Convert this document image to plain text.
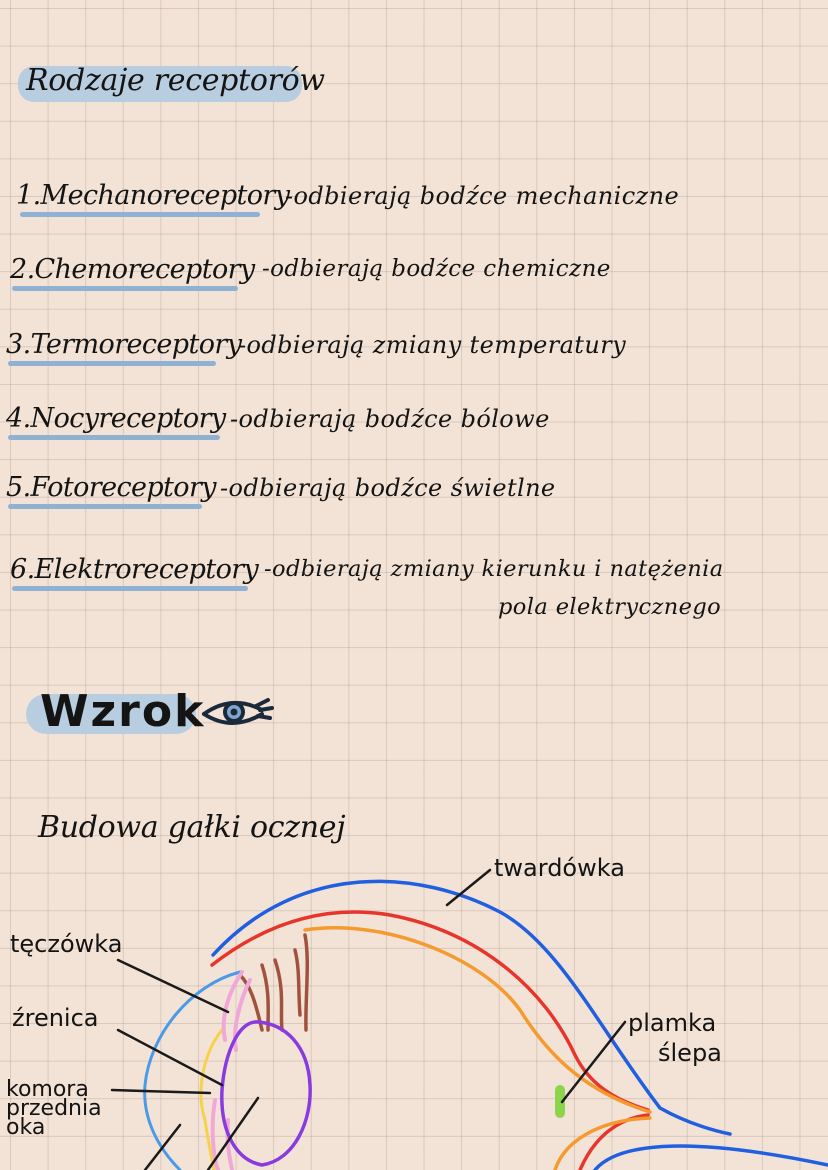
Rodzaje receptorów
1.Mechanoreceptory
-odbierają bodźce mechaniczne
2.Chemoreceptory -odbierają bodźce chemiczne
3.Termoreceptory
-odbierają zmiany temperatury
4.Nocyreceptory -odbierają bodźce bólowe
5.Fotoreceptory -odbierają bodźce świetlne
6.Elektroreceptory -odbierają zmiany kierunku i natężenia
pola elektrycznego
Wzrok
Budowa gałki ocznej
twardówka
tęczówka
źrenica
komora
przednia
oka
plamka
ślepa
